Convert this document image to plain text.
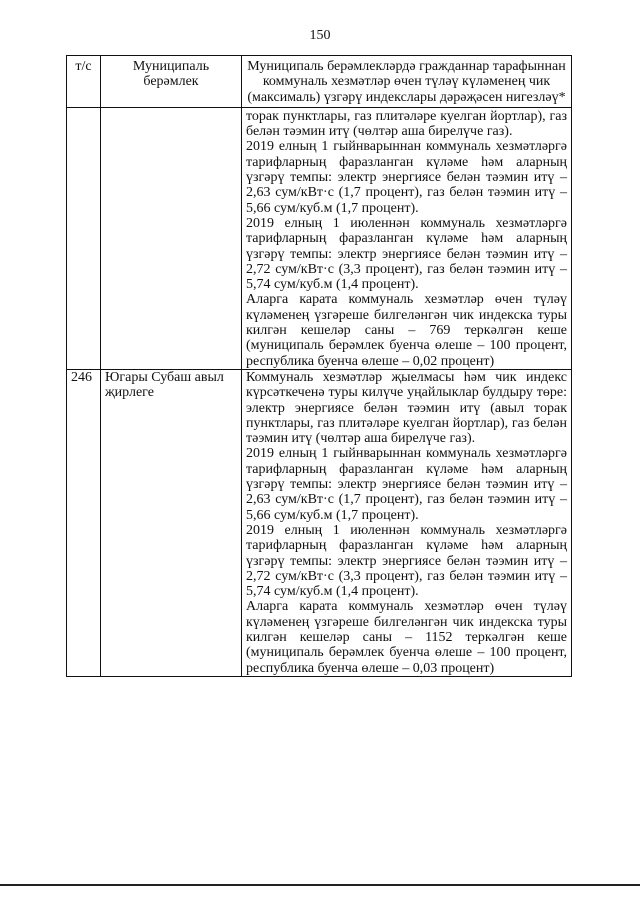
150
т/с	Муниципаль берәмлек	Муниципаль берәмлекләрдә гражданнар тарафыннан коммуналь хезмәтләр өчен түләү күләменең чик (максималь) үзгәрү индекслары дәрәҗәсен нигезләү*

		торак пунктлары, газ плитәләре куелган йортлар), газ белән тәэмин итү (чөлтәр аша бирелүче газ).

2019 елның 1 гыйнварыннан коммуналь хезмәтләргә тарифларның фаразланган күләме һәм аларның үзгәрү темпы: электр энергиясе белән тәэмин итү – 2,63 сум/кВт·с (1,7 процент), газ белән тәэмин итү – 5,66 сум/куб.м (1,7 процент).

2019 елның 1 июленнән коммуналь хезмәтләргә тарифларның фаразланган күләме һәм аларның үзгәрү темпы: электр энергиясе белән тәэмин итү – 2,72 сум/кВт·с (3,3 процент), газ белән тәэмин итү – 5,74 сум/куб.м (1,4 процент).

Аларга карата коммуналь хезмәтләр өчен түләү күләменең үзгәреше билгеләнгән чик индекска туры килгән кешеләр саны – 769 теркәлгән кеше (муниципаль берәмлек буенча өлеше – 100 процент, республика буенча өлеше – 0,02 процент)

246	Югары Субаш авыл җирлеге	Коммуналь хезмәтләр җыелмасы һәм чик индекс күрсәткеченә туры килүче уңайлыклар булдыру төре: электр энергиясе белән тәэмин итү (авыл торак пунктлары, газ плитәләре куелган йортлар), газ белән тәэмин итү (чөлтәр аша бирелүче газ).

2019 елның 1 гыйнварыннан коммуналь хезмәтләргә тарифларның фаразланган күләме һәм аларның үзгәрү темпы: электр энергиясе белән тәэмин итү – 2,63 сум/кВт·с (1,7 процент), газ белән тәэмин итү – 5,66 сум/куб.м (1,7 процент).

2019 елның 1 июленнән коммуналь хезмәтләргә тарифларның фаразланган күләме һәм аларның үзгәрү темпы: электр энергиясе белән тәэмин итү – 2,72 сум/кВт·с (3,3 процент), газ белән тәэмин итү – 5,74 сум/куб.м (1,4 процент).

Аларга карата коммуналь хезмәтләр өчен түләү күләменең үзгәреше билгеләнгән чик индекска туры килгән кешеләр саны – 1152 теркәлгән кеше (муниципаль берәмлек буенча өлеше – 100 процент, республика буенча өлеше – 0,03 процент)
